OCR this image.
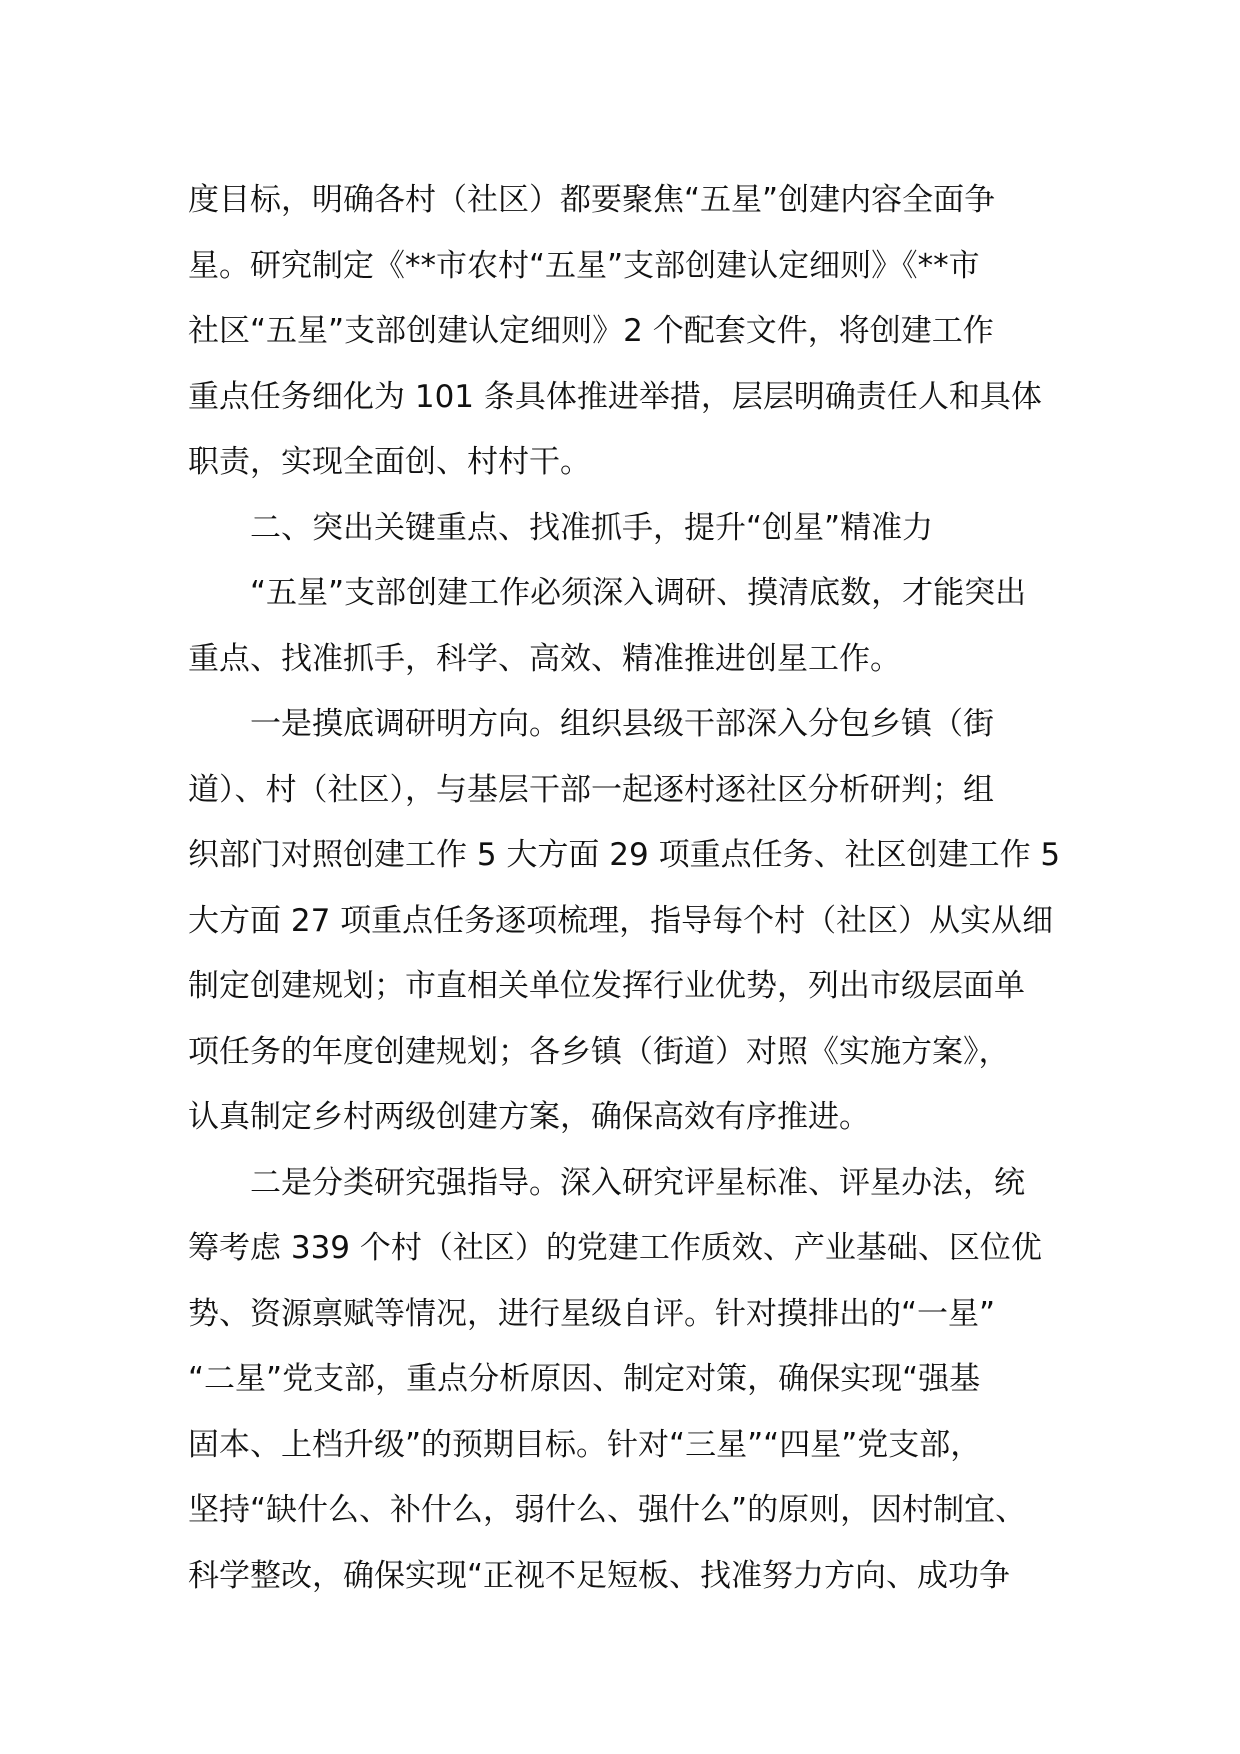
度目标，明确各村（社区）都要聚焦“五星”创建内容全面争
星。研究制定《**市农村“五星”支部创建认定细则》《**市
社区“五星”支部创建认定细则》2 个配套文件，将创建工作
重点任务细化为 101 条具体推进举措，层层明确责任人和具体
职责，实现全面创、村村干。
二、突出关键重点、找准抓手，提升“创星”精准力
“五星”支部创建工作必须深入调研、摸清底数，才能突出
重点、找准抓手，科学、高效、精准推进创星工作。
一是摸底调研明方向。组织县级干部深入分包乡镇（街
道）、村（社区），与基层干部一起逐村逐社区分析研判；组
织部门对照创建工作 5 大方面 29 项重点任务、社区创建工作 5
大方面 27 项重点任务逐项梳理，指导每个村（社区）从实从细
制定创建规划；市直相关单位发挥行业优势，列出市级层面单
项任务的年度创建规划；各乡镇（街道）对照《实施方案》，
认真制定乡村两级创建方案，确保高效有序推进。
二是分类研究强指导。深入研究评星标准、评星办法，统
筹考虑 339 个村（社区）的党建工作质效、产业基础、区位优
势、资源禀赋等情况，进行星级自评。针对摸排出的“一星”
“二星”党支部，重点分析原因、制定对策，确保实现“强基
固本、上档升级”的预期目标。针对“三星”“四星”党支部，
坚持“缺什么、补什么，弱什么、强什么”的原则，因村制宜、
科学整改，确保实现“正视不足短板、找准努力方向、成功争
